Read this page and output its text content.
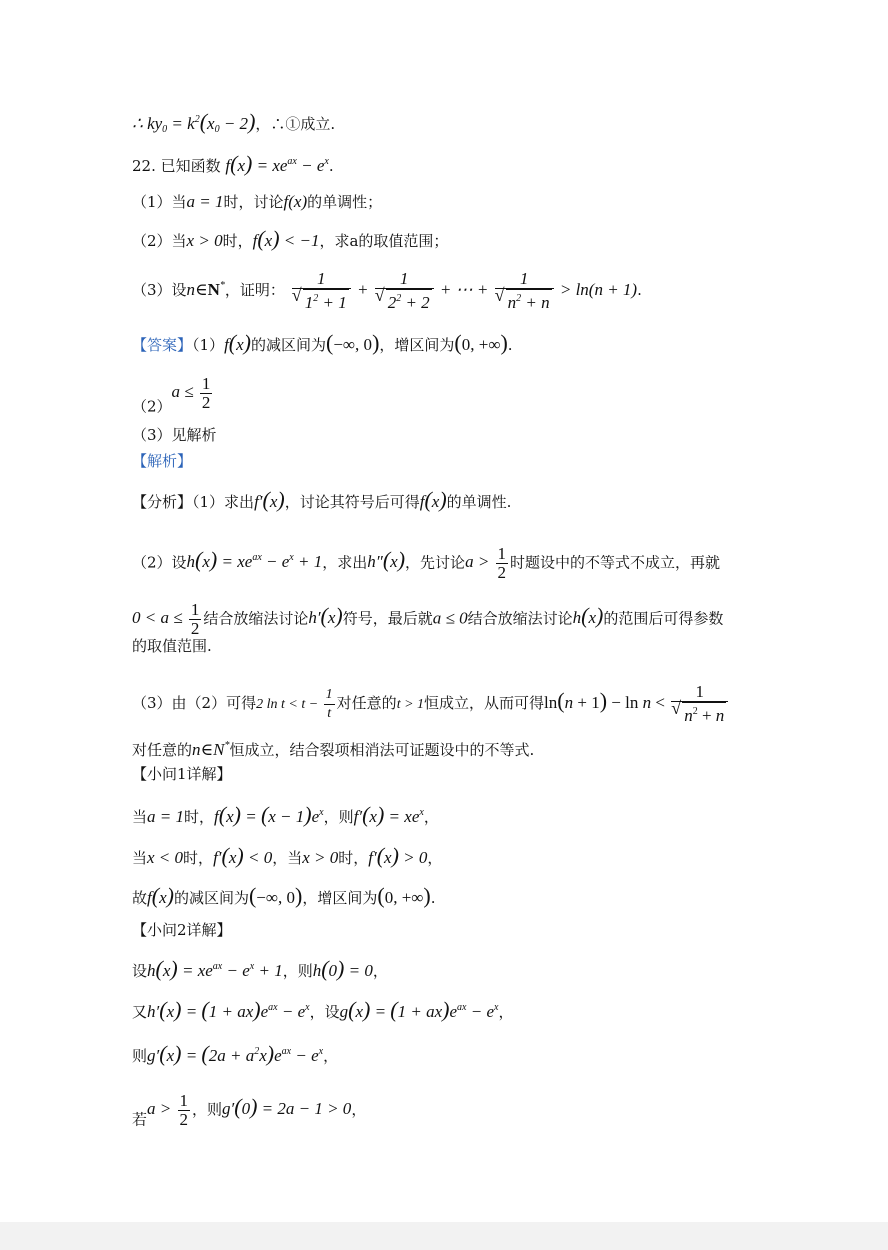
∴ $ky_0 = k^2(x_0 - 2)$，∴①成立.
22. 已知函数 $f(x) = xe^{ax} - e^x$.
（1）当a = 1时，讨论f(x)的单调性；
（2）当x > 0时，f(x) < −1，求a的取值范围；
（3）设n∈N*，证明： 1
√ $1^2 + 1 + 1$
√ $2^2 + 2$ + ⋯ + 1
√ $n^2 + n > \ln(n + 1)$.
【答案】（1）f(x)的减区间为(−∞, 0)，增区间为(0, +∞).
$(2)a \le \frac{1}{2}$
（3）见解析
【解析】
【分析】（1）求出f′(x)，讨论其符号后可得f(x)的单调性.
（2）设$h(x) = xe^{ax} - e^x + 1$，求出h″(x)，先讨论$a > \frac{1}{2}$ 时题设中的不等式不成立，再就
$0 < a \le \frac{1}{2}$ 结合放缩法讨论h′(x)符号，最后就a ≤ 0结合放缩法讨论h(x)的范围后可得参数
的取值范围.
（3）由（2）可得2 $\ln t < t - \frac{1}{t}$ 对任意的t > 1恒成立，从而可得ln(n + 1) − ln n < 1
√ $n^2 + n$
对任意的n∈N*恒成立，结合裂项相消法可证题设中的不等式.
【小问1详解】
当a = 1时，$f(x) = (x - 1)e^x$，则$f'(x) = xe^x$，
当x < 0时，f′(x) < 0，当x > 0时，f′(x) > 0，
故f(x)的减区间为(−∞, 0)，增区间为(0, +∞).
【小问2详解】
设$h(x) = xe^{ax} - e^x + 1$，则h(0) = 0，
又$h'(x) = (1 + ax)e^{ax} - e^x$，设$g(x) = (1 + ax)e^{ax} - e^x$，
则$g'(x) = (2a + a^2x)e^{ax} - e^x$，
若$a > \frac{1}{2}$ ，则g′(0) = 2a − 1 > 0，
